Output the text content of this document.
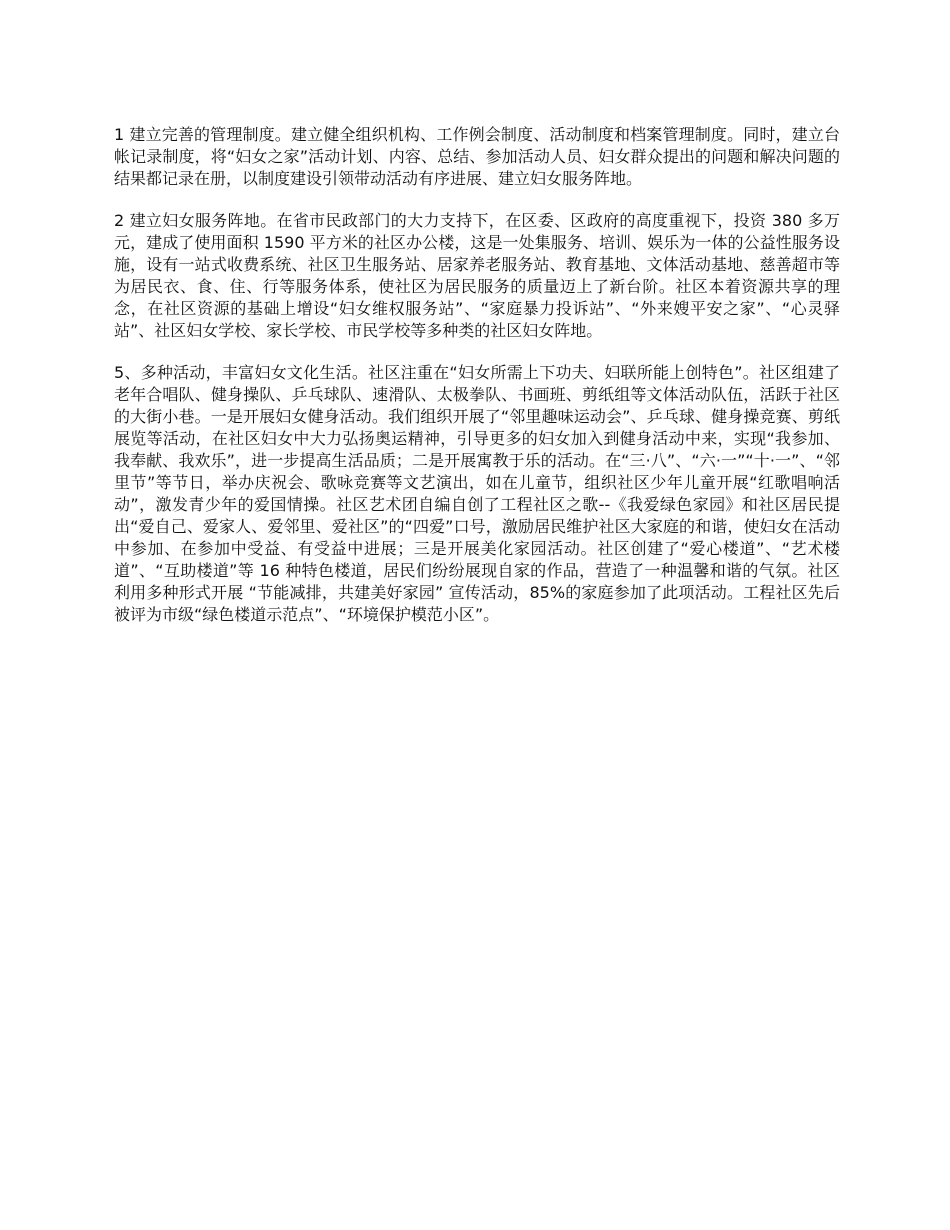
1 建立完善的管理制度。建立健全组织机构、工作例会制度、活动制度和档案管理制度。同时，建立台帐记录制度，将“妇女之家”活动计划、内容、总结、参加活动人员、妇女群众提出的问题和解决问题的结果都记录在册，以制度建设引领带动活动有序进展、建立妇女服务阵地。

2 建立妇女服务阵地。在省市民政部门的大力支持下，在区委、区政府的高度重视下，投资 380 多万元，建成了使用面积 1590 平方米的社区办公楼，这是一处集服务、培训、娱乐为一体的公益性服务设施，设有一站式收费系统、社区卫生服务站、居家养老服务站、教育基地、文体活动基地、慈善超市等为居民衣、食、住、行等服务体系，使社区为居民服务的质量迈上了新台阶。社区本着资源共享的理念，在社区资源的基础上增设“妇女维权服务站”、“家庭暴力投诉站”、“外来嫂平安之家”、“心灵驿站”、社区妇女学校、家长学校、市民学校等多种类的社区妇女阵地。

5、多种活动，丰富妇女文化生活。社区注重在“妇女所需上下功夫、妇联所能上创特色”。社区组建了老年合唱队、健身操队、乒乓球队、速滑队、太极拳队、书画班、剪纸组等文体活动队伍，活跃于社区的大街小巷。一是开展妇女健身活动。我们组织开展了“邻里趣味运动会”、乒乓球、健身操竞赛、剪纸展览等活动，在社区妇女中大力弘扬奥运精神，引导更多的妇女加入到健身活动中来，实现“我参加、我奉献、我欢乐”，进一步提高生活品质；二是开展寓教于乐的活动。在“三·八”、“六·一”“十·一”、“邻里节”等节日，举办庆祝会、歌咏竞赛等文艺演出，如在儿童节，组织社区少年儿童开展“红歌唱响活动”，激发青少年的爱国情操。社区艺术团自编自创了工程社区之歌--《我爱绿色家园》和社区居民提出“爱自己、爱家人、爱邻里、爱社区”的“四爱”口号，激励居民维护社区大家庭的和谐，使妇女在活动中参加、在参加中受益、有受益中进展；三是开展美化家园活动。社区创建了“爱心楼道”、“艺术楼道”、“互助楼道”等 16 种特色楼道，居民们纷纷展现自家的作品，营造了一种温馨和谐的气氛。社区利用多种形式开展 “节能减排，共建美好家园” 宣传活动，85%的家庭参加了此项活动。工程社区先后被评为市级“绿色楼道示范点”、“环境保护模范小区”。
